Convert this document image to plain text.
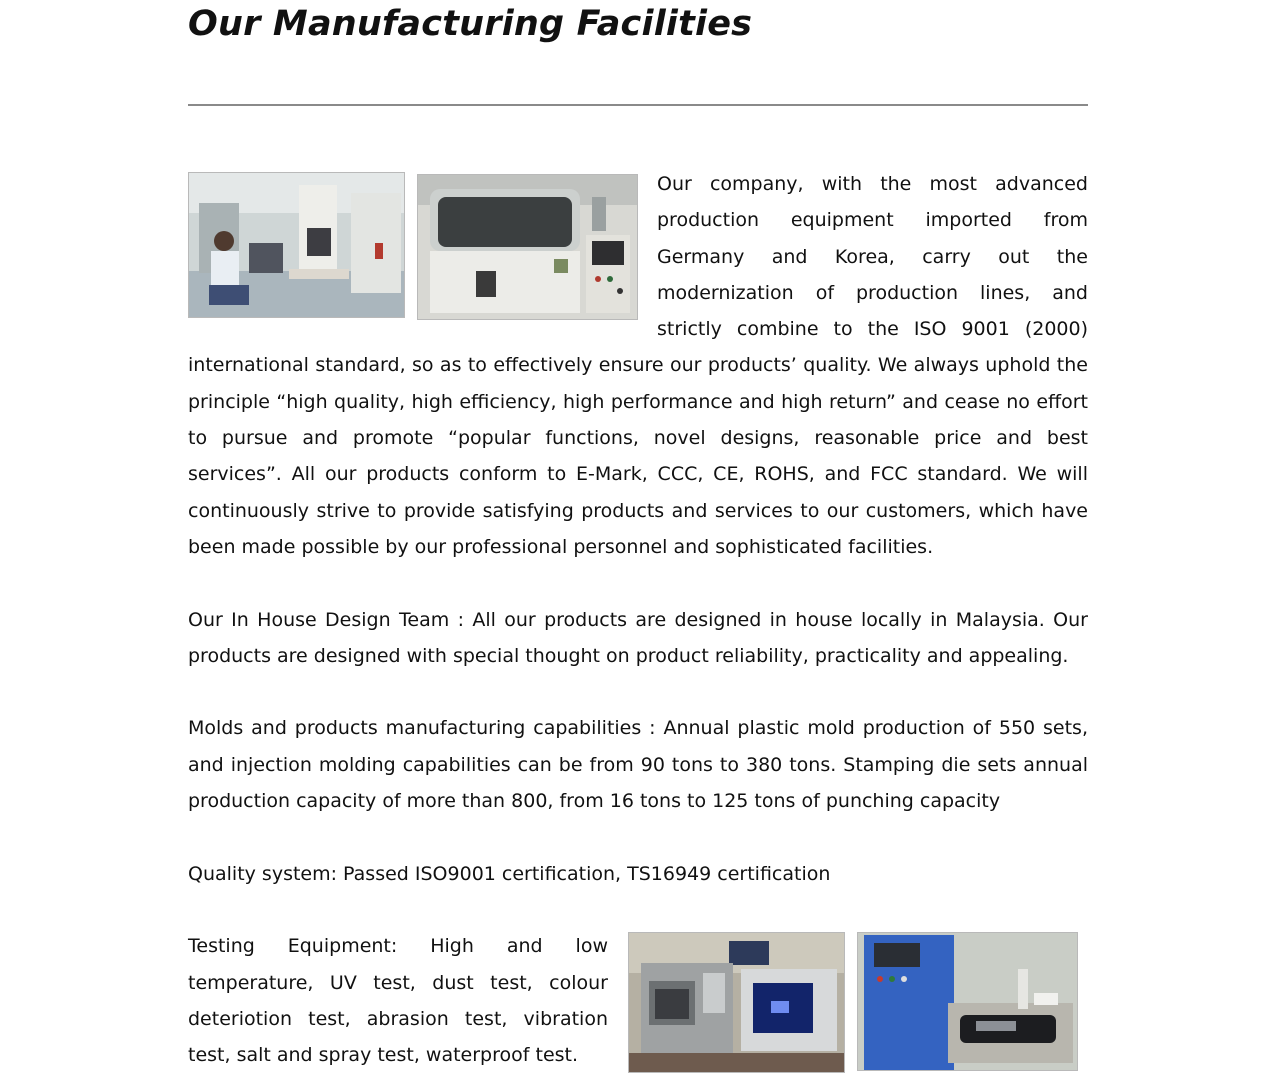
Our Manufacturing Facilities

Our company, with the most advanced production equipment imported from Germany and Korea, carry out the modernization of production lines, and strictly combine to the ISO 9001 (2000) international standard, so as to effectively ensure our products’ quality. We always uphold the principle “high quality, high efficiency, high performance and high return” and cease no effort to pursue and promote “popular functions, novel designs, reasonable price and best services”. All our products conform to E-Mark, CCC, CE, ROHS, and FCC standard. We will continuously strive to provide satisfying products and services to our customers, which have been made possible by our professional personnel and sophisticated facilities.

Our In House Design Team : All our products are designed in house locally in Malaysia. Our products are designed with special thought on product reliability, practicality and appealing.

Molds and products manufacturing capabilities : Annual plastic mold production of 550 sets, and injection molding capabilities can be from 90 tons to 380 tons. Stamping die sets annual production capacity of more than 800, from 16 tons to 125 tons of punching capacity

Quality system: Passed ISO9001 certification, TS16949 certification

Testing Equipment: High and low temperature, UV test, dust test, colour deteriotion test, abrasion test, vibration test, salt and spray test, waterproof test.
